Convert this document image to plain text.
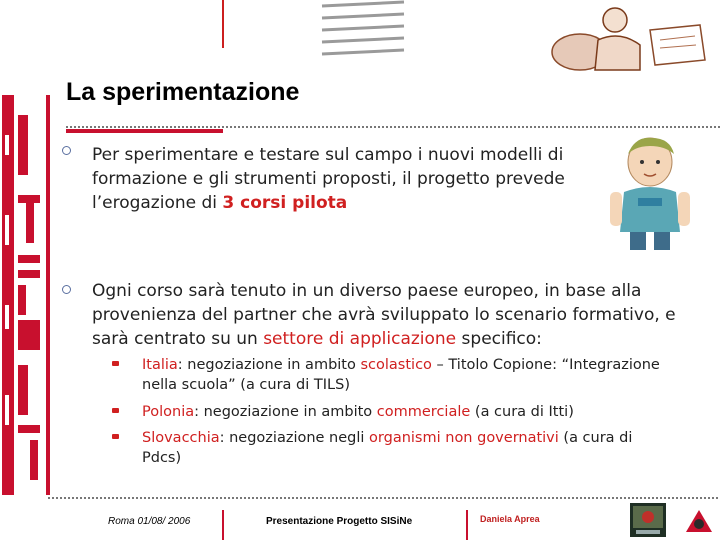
La sperimentazione
Per sperimentare e testare sul campo i nuovi modelli di formazione e gli strumenti proposti, il progetto prevede l’erogazione di 3 corsi pilota
Ogni corso sarà tenuto in un diverso paese europeo, in base alla provenienza del partner che avrà sviluppato lo scenario formativo, e sarà centrato su un settore di applicazione specifico:
Italia: negoziazione in ambito scolastico – Titolo Copione: “Integrazione nella scuola” (a cura di TILS)
Polonia: negoziazione in ambito commerciale (a cura di Itti)
Slovacchia: negoziazione negli organismi non governativi (a cura di Pdcs)
Roma 01/08/ 2006	Presentazione Progetto SISiNe	Daniela Aprea
